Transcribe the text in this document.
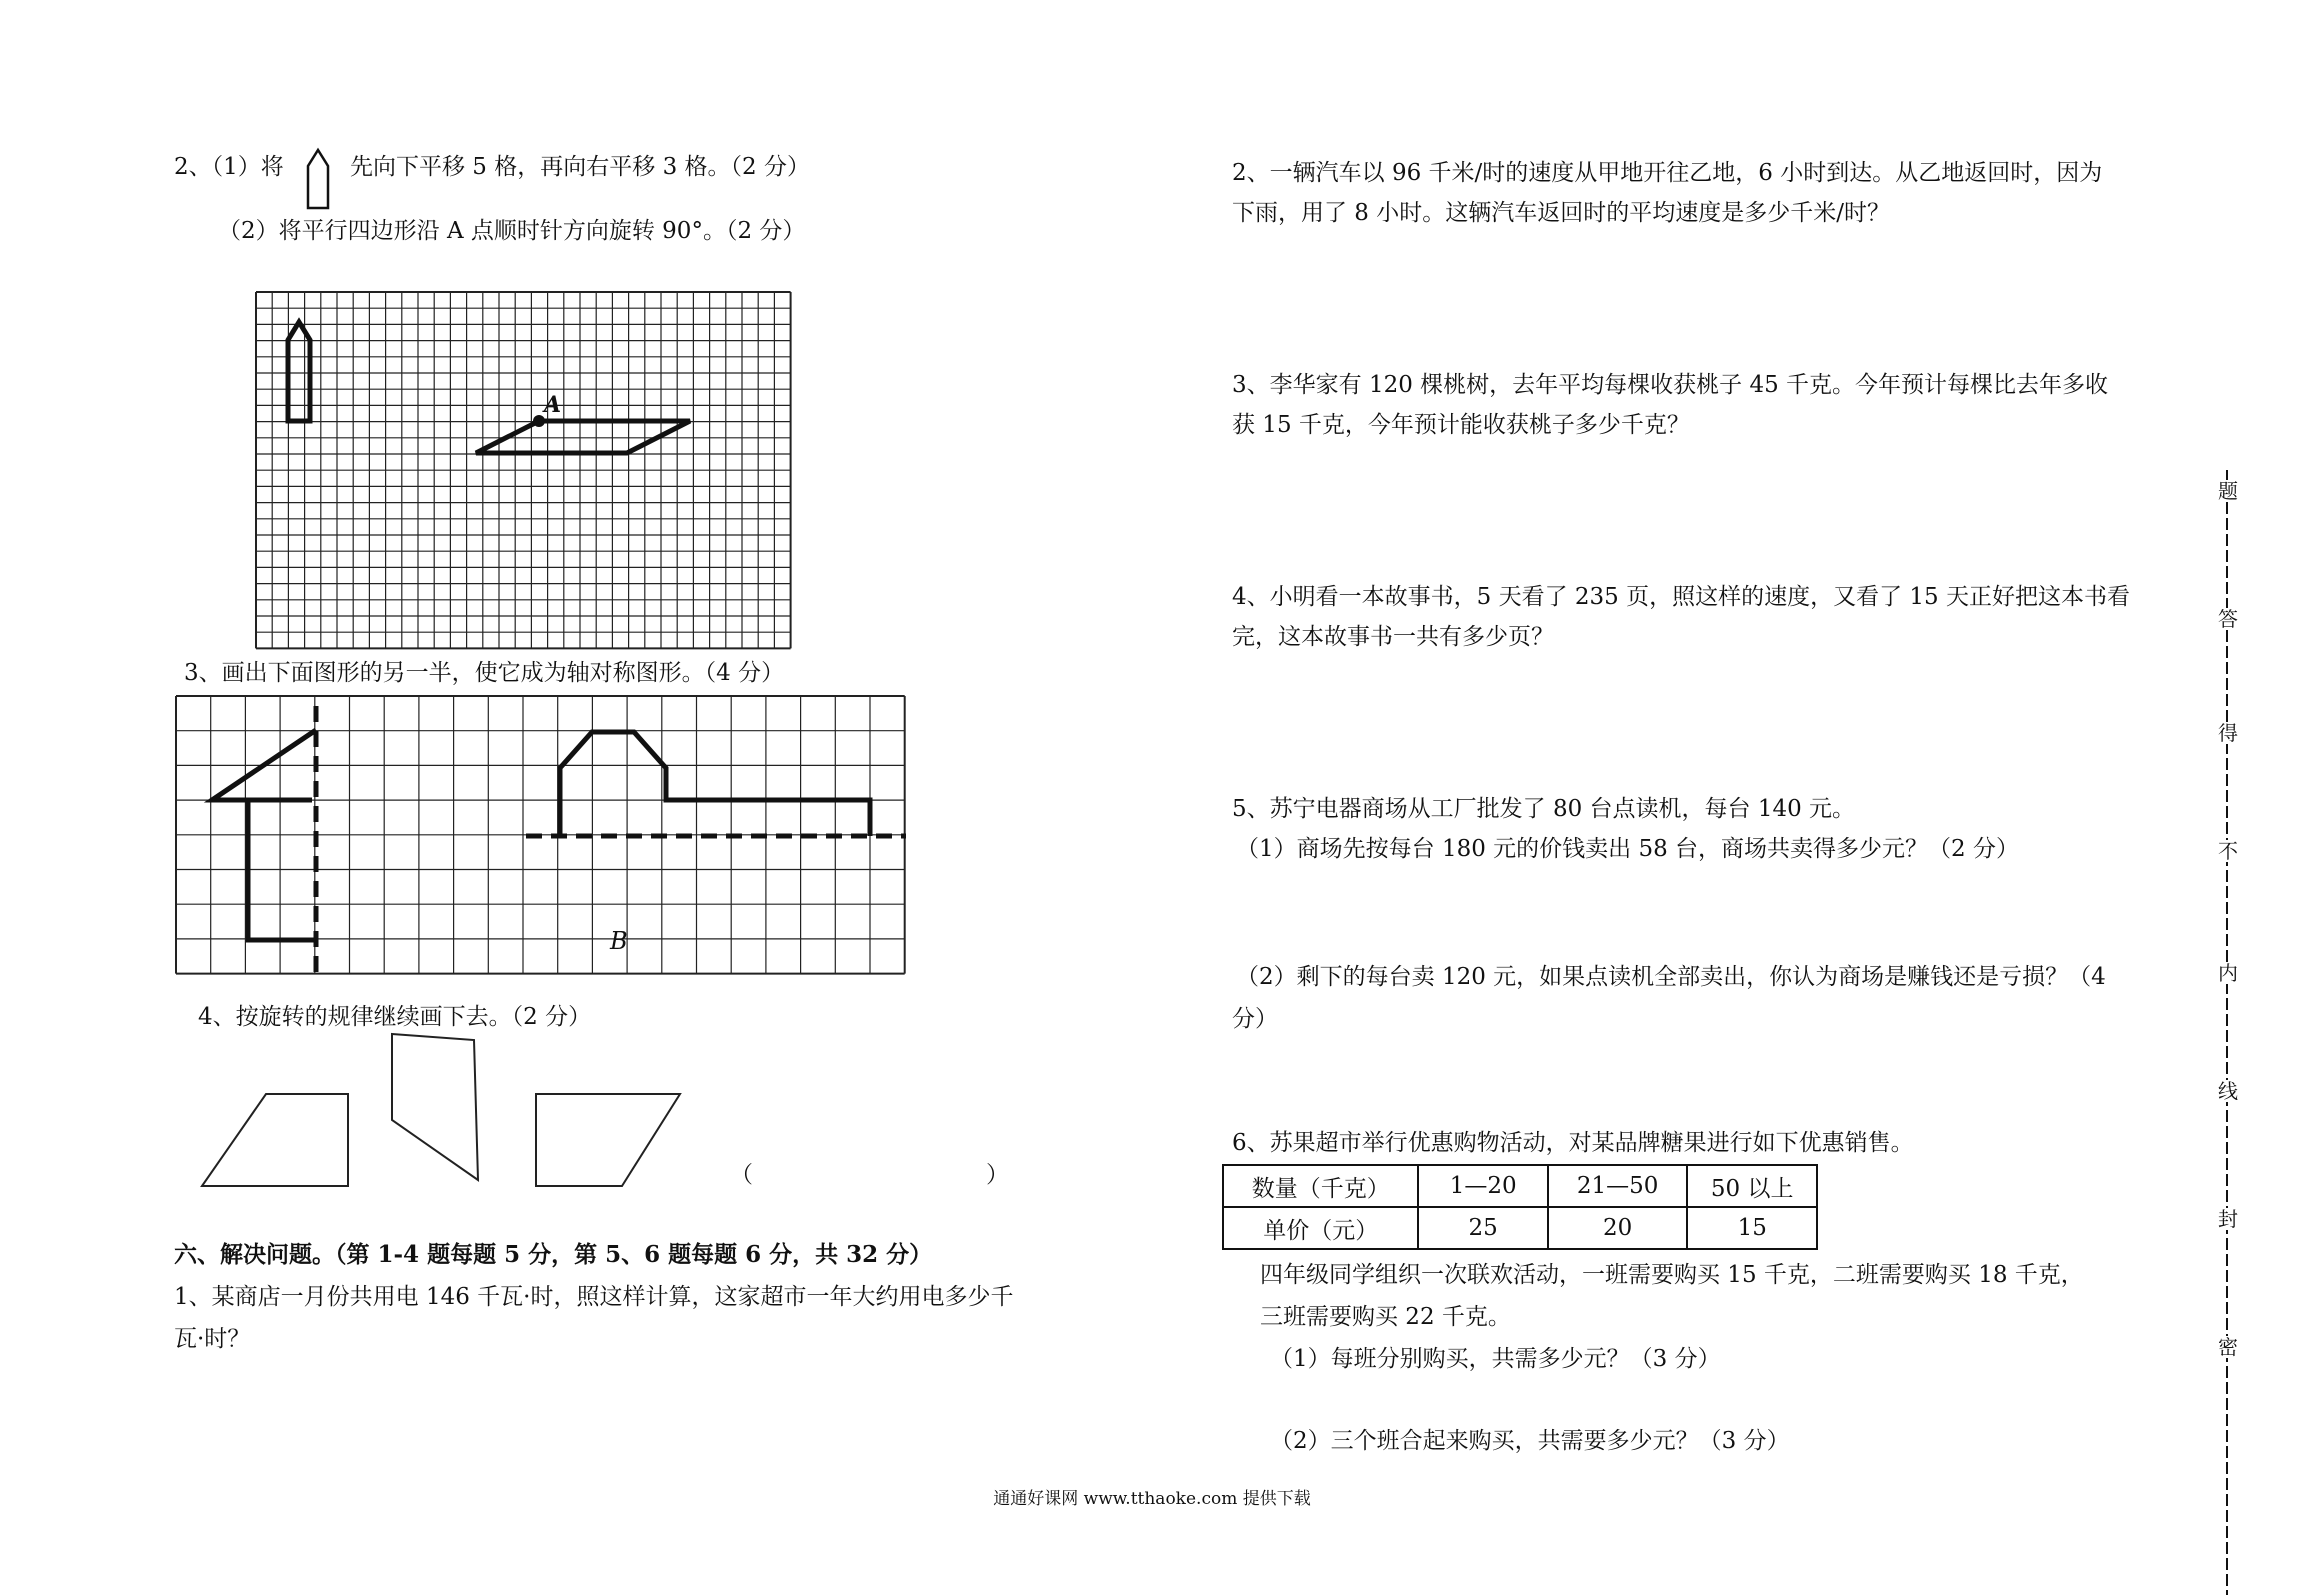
2、（1）将	先向下平移 5 格，再向右平移 3 格。（2 分）
（2）将平行四边形沿 A 点顺时针方向旋转 90°。（2 分）
A
3、画出下面图形的另一半，使它成为轴对称图形。（4 分）
B
4、按旋转的规律继续画下去。（2 分）
（	）
六、解决问题。（第 1-4 题每题 5 分，第 5、6 题每题 6 分，共 32 分）
1、某商店一月份共用电 146 千瓦·时，照这样计算，这家超市一年大约用电多少千
瓦·时？
2、一辆汽车以 96 千米/时的速度从甲地开往乙地，6 小时到达。从乙地返回时，因为
下雨，用了 8 小时。这辆汽车返回时的平均速度是多少千米/时？
3、李华家有 120 棵桃树，去年平均每棵收获桃子 45 千克。今年预计每棵比去年多收
获 15 千克，今年预计能收获桃子多少千克？
4、小明看一本故事书，5 天看了 235 页，照这样的速度，又看了 15 天正好把这本书看
完，这本故事书一共有多少页？
5、苏宁电器商场从工厂批发了 80 台点读机，每台 140 元。
（1）商场先按每台 180 元的价钱卖出 58 台，商场共卖得多少元？（2 分）
（2）剩下的每台卖 120 元，如果点读机全部卖出，你认为商场是赚钱还是亏损？（4
分）
6、苏果超市举行优惠购物活动，对某品牌糖果进行如下优惠销售。
数量（千克）	1—20	21—50	50 以上
单价（元）	25	20	15
四年级同学组织一次联欢活动，一班需要购买 15 千克，二班需要购买 18 千克，
三班需要购买 22 千克。
（1）每班分别购买，共需多少元？（3 分）
（2）三个班合起来购买，共需要多少元？（3 分）
题
答
得
不
内
线
封
密
通通好课网 www.tthaoke.com 提供下载
